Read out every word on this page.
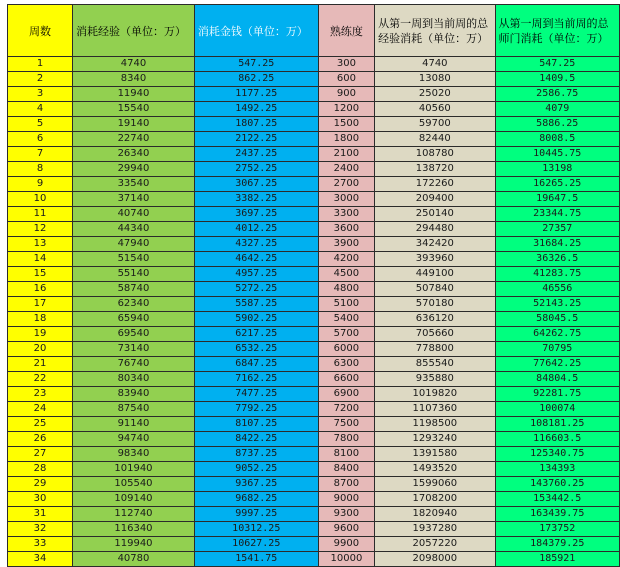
周数	消耗经验（单位：万）	消耗金钱（单位：万）	熟练度	从第一周到当前周的总经验消耗（单位：万）	从第一周到当前周的总师门消耗（单位：万）
1	4740	547.25	300	4740	547.25
2	8340	862.25	600	13080	1409.5
3	11940	1177.25	900	25020	2586.75
4	15540	1492.25	1200	40560	4079
5	19140	1807.25	1500	59700	5886.25
6	22740	2122.25	1800	82440	8008.5
7	26340	2437.25	2100	108780	10445.75
8	29940	2752.25	2400	138720	13198
9	33540	3067.25	2700	172260	16265.25
10	37140	3382.25	3000	209400	19647.5
11	40740	3697.25	3300	250140	23344.75
12	44340	4012.25	3600	294480	27357
13	47940	4327.25	3900	342420	31684.25
14	51540	4642.25	4200	393960	36326.5
15	55140	4957.25	4500	449100	41283.75
16	58740	5272.25	4800	507840	46556
17	62340	5587.25	5100	570180	52143.25
18	65940	5902.25	5400	636120	58045.5
19	69540	6217.25	5700	705660	64262.75
20	73140	6532.25	6000	778800	70795
21	76740	6847.25	6300	855540	77642.25
22	80340	7162.25	6600	935880	84804.5
23	83940	7477.25	6900	1019820	92281.75
24	87540	7792.25	7200	1107360	100074
25	91140	8107.25	7500	1198500	108181.25
26	94740	8422.25	7800	1293240	116603.5
27	98340	8737.25	8100	1391580	125340.75
28	101940	9052.25	8400	1493520	134393
29	105540	9367.25	8700	1599060	143760.25
30	109140	9682.25	9000	1708200	153442.5
31	112740	9997.25	9300	1820940	163439.75
32	116340	10312.25	9600	1937280	173752
33	119940	10627.25	9900	2057220	184379.25
34	40780	1541.75	10000	2098000	185921
